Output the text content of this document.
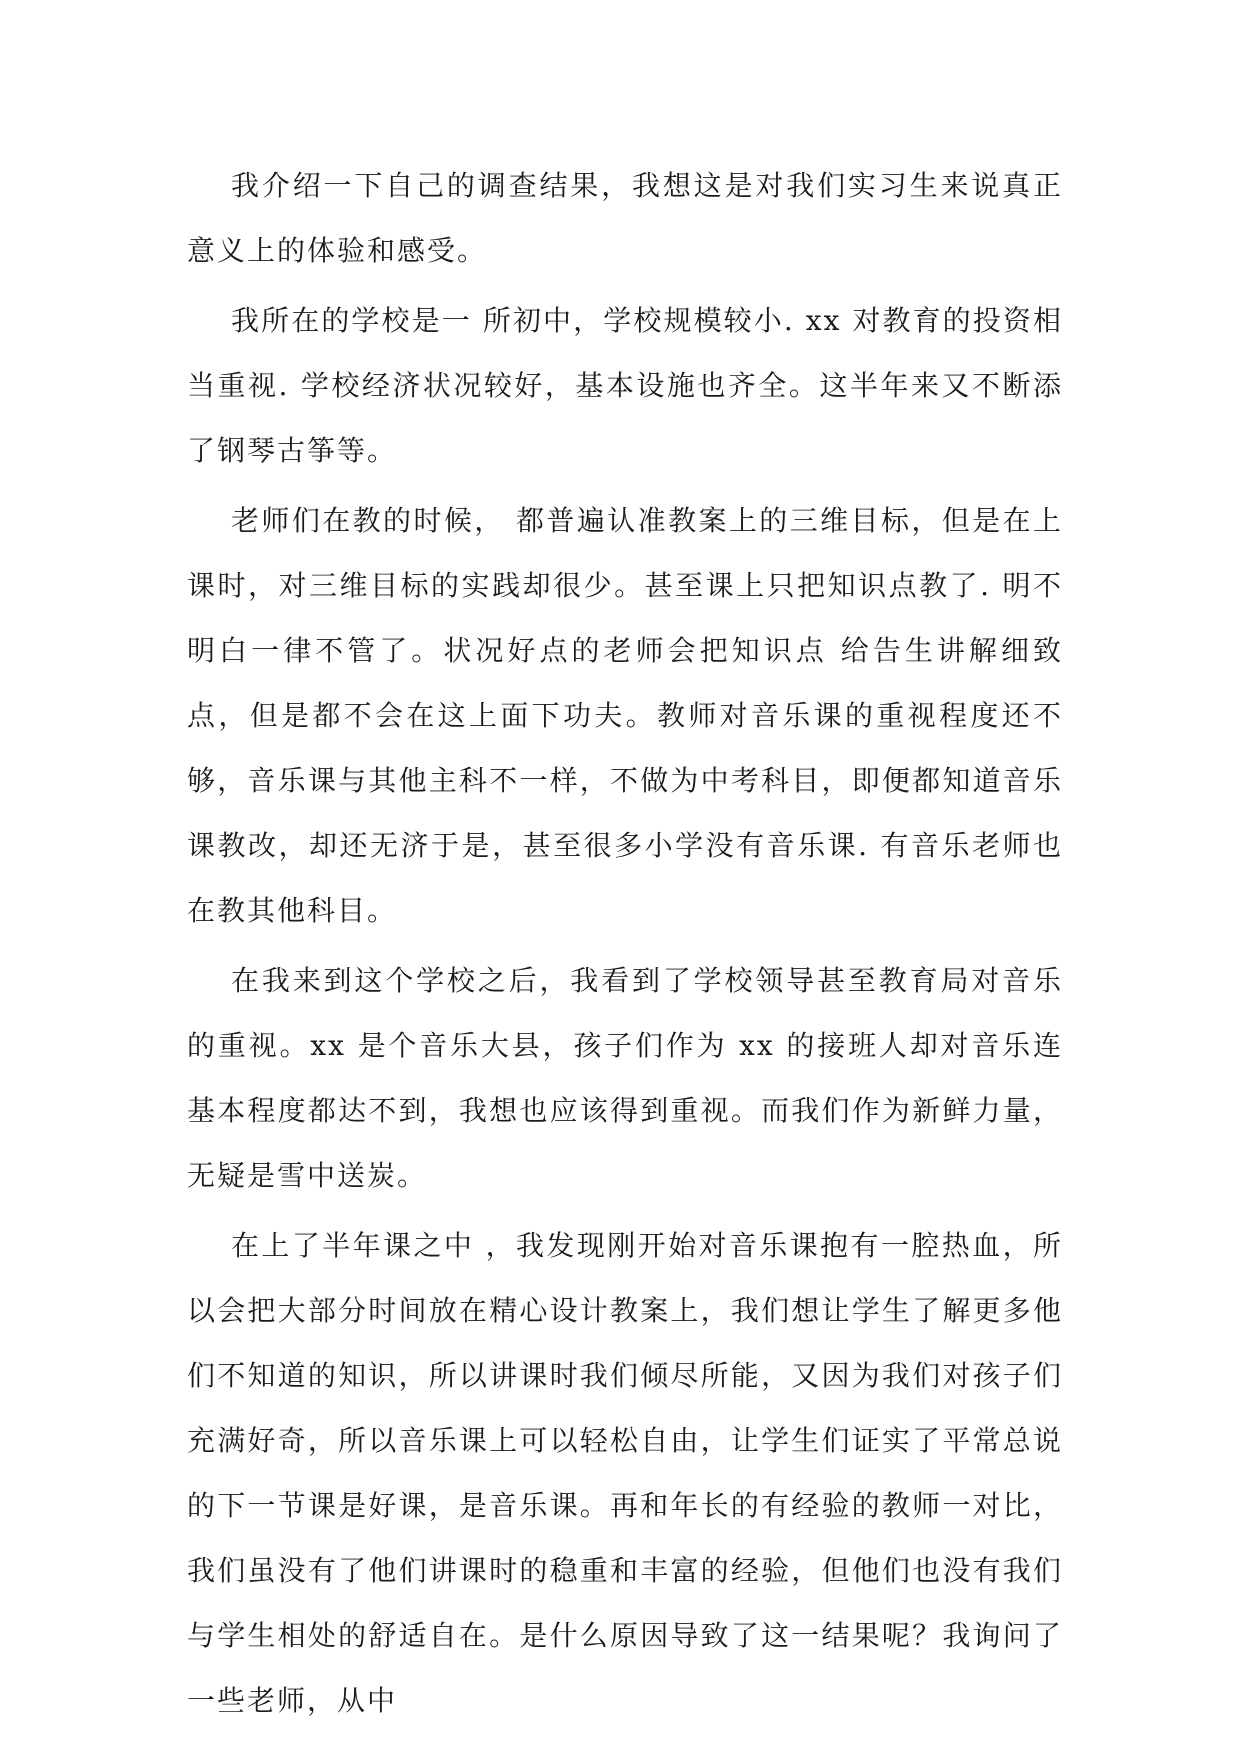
我介绍一下自己的调查结果，我想这是对我们实习生来说真正意义上的体验和感受。

我所在的学校是一 所初中，学校规模较小. xx 对教育的投资相当重视. 学校经济状况较好，基本设施也齐全。这半年来又不断添了钢琴古筝等。

老师们在教的时候， 都普遍认准教案上的三维目标，但是在上课时，对三维目标的实践却很少。甚至课上只把知识点教了. 明不明白一律不管了。状况好点的老师会把知识点 给告生讲解细致点，但是都不会在这上面下功夫。教师对音乐课的重视程度还不够，音乐课与其他主科不一样，不做为中考科目，即便都知道音乐课教改，却还无济于是，甚至很多小学没有音乐课. 有音乐老师也在教其他科目。

在我来到这个学校之后，我看到了学校领导甚至教育局对音乐的重视。xx 是个音乐大县，孩子们作为 xx 的接班人却对音乐连基本程度都达不到，我想也应该得到重视。而我们作为新鲜力量，无疑是雪中送炭。

在上了半年课之中 ，我发现刚开始对音乐课抱有一腔热血，所以会把大部分时间放在精心设计教案上，我们想让学生了解更多他们不知道的知识，所以讲课时我们倾尽所能，又因为我们对孩子们充满好奇，所以音乐课上可以轻松自由，让学生们证实了平常总说的下一节课是好课，是音乐课。再和年长的有经验的教师一对比，我们虽没有了他们讲课时的稳重和丰富的经验，但他们也没有我们与学生相处的舒适自在。是什么原因导致了这一结果呢？我询问了一些老师，从中
